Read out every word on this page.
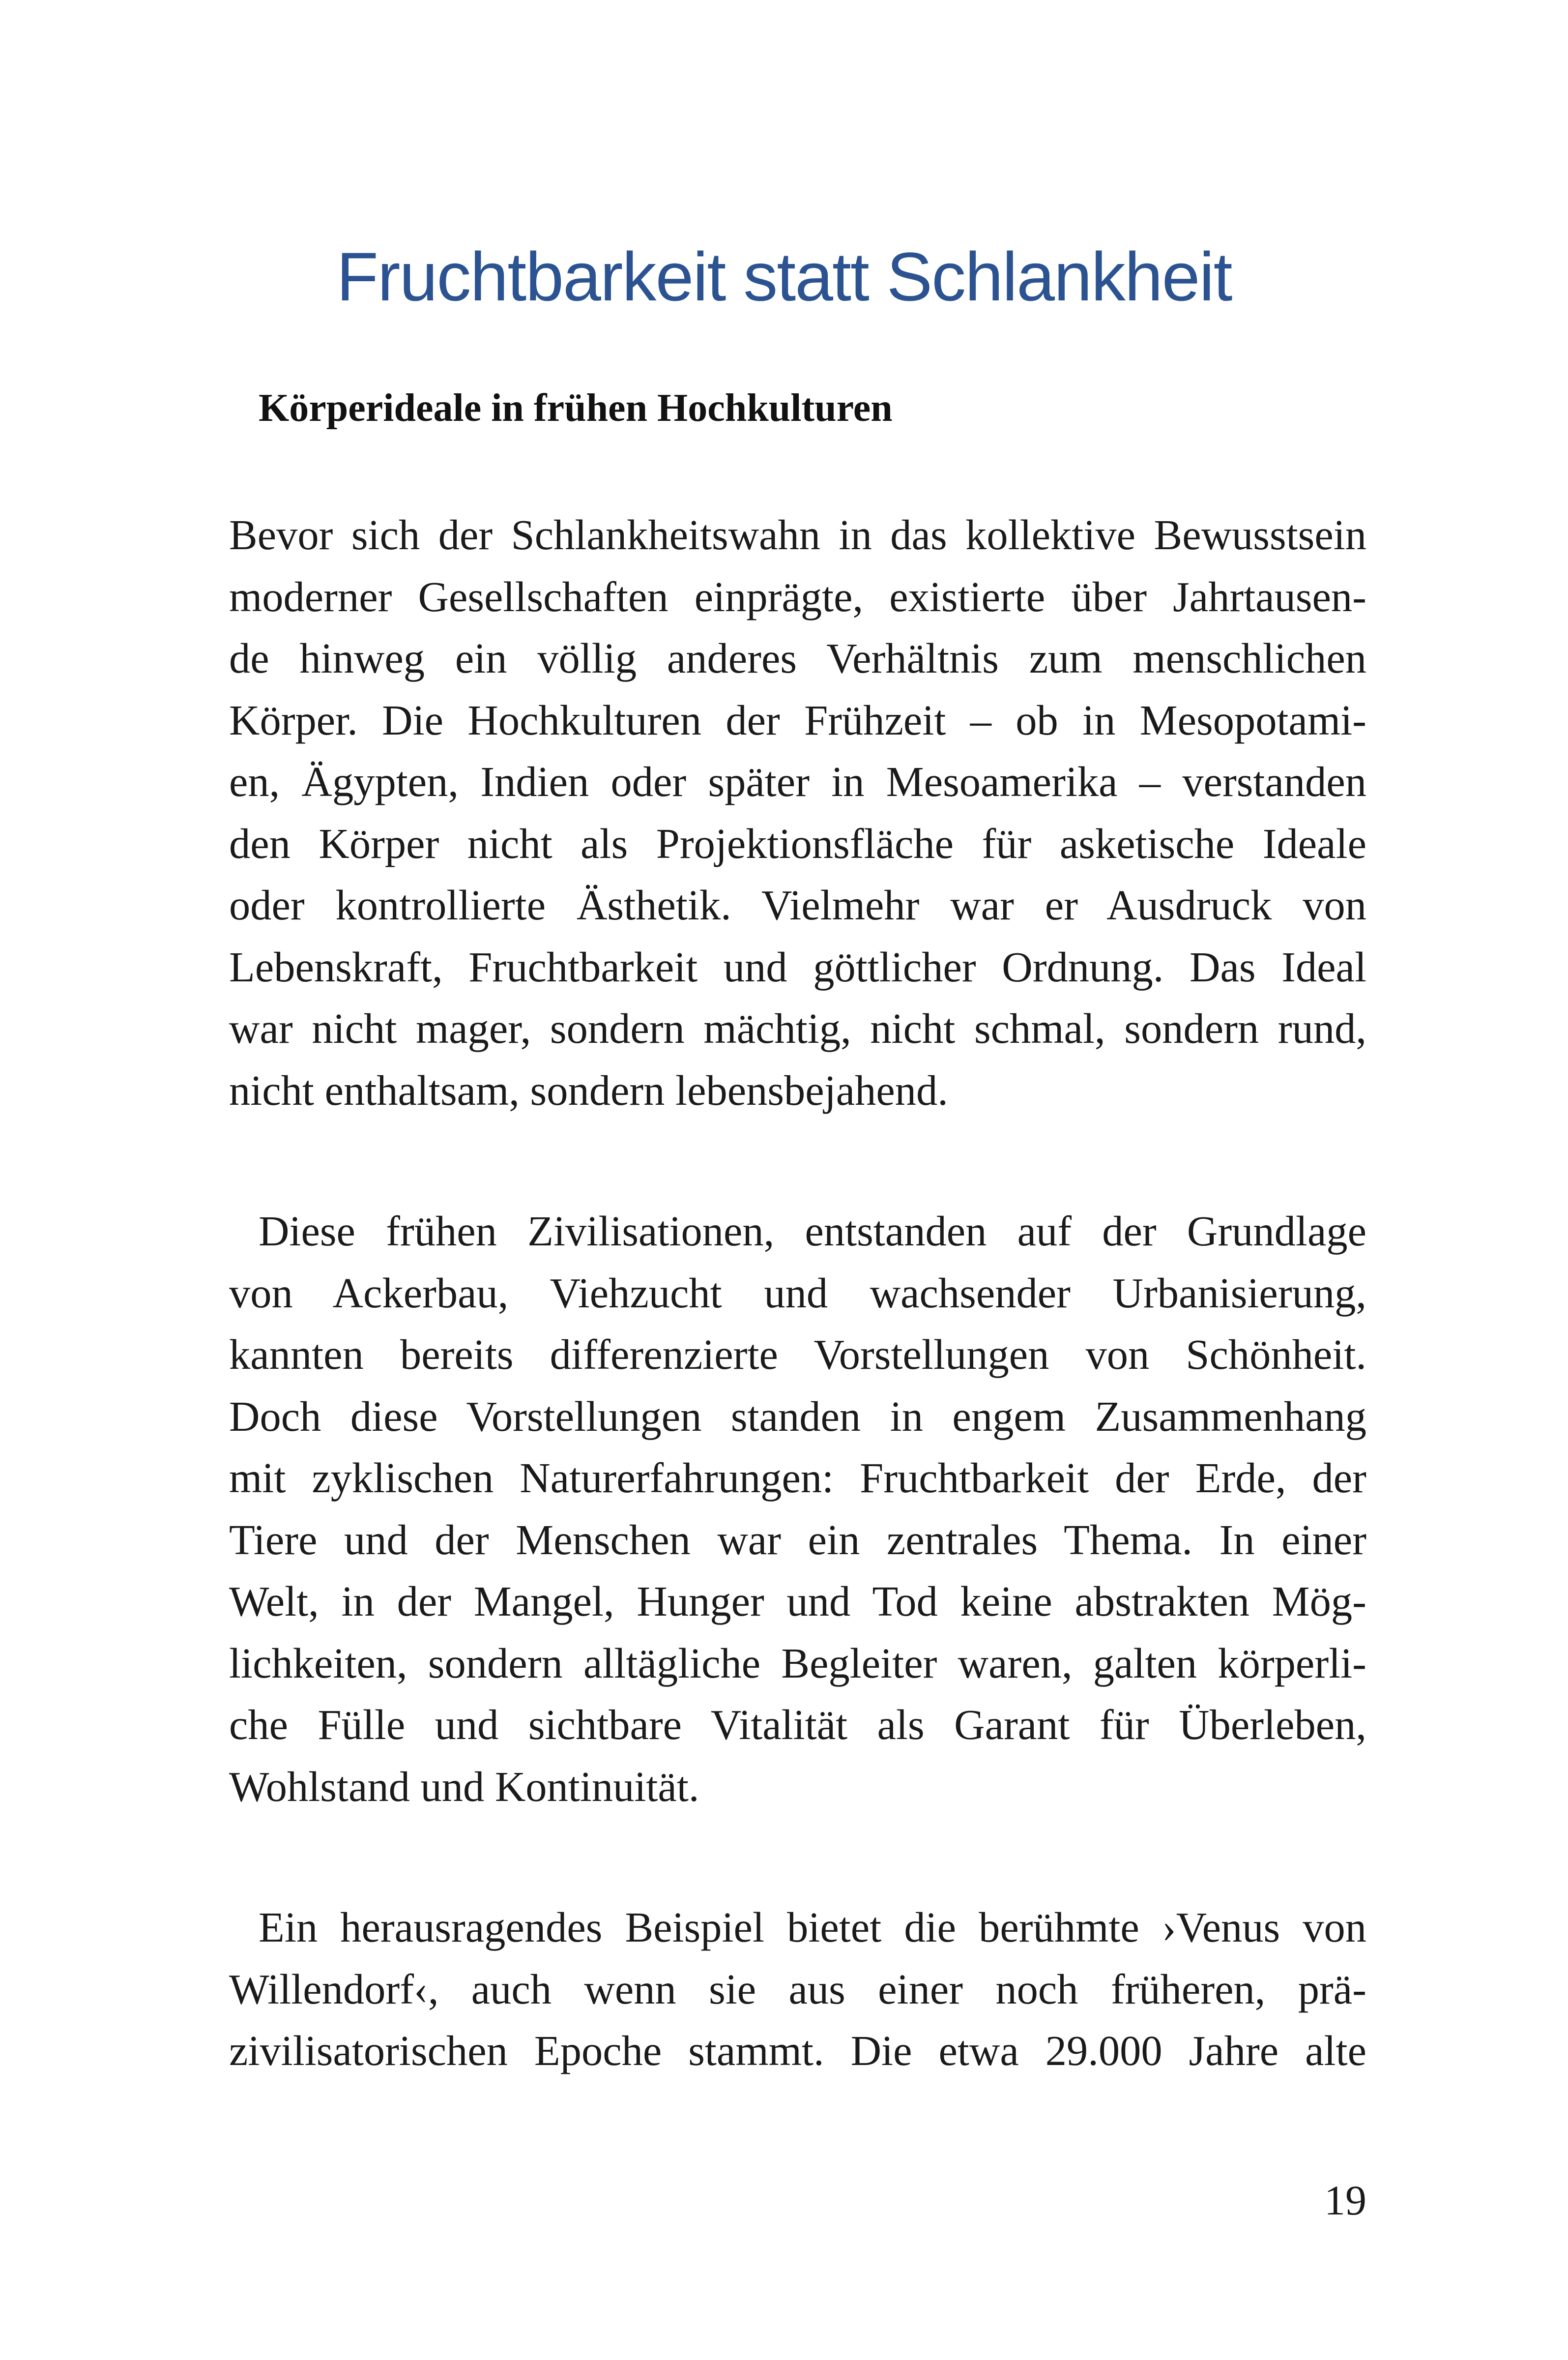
Fruchtbarkeit statt Schlankheit
Körperideale in frühen Hochkulturen

Bevor sich der Schlankheitswahn in das kollektive Bewusstsein
moderner Gesellschaften einprägte, existierte über Jahrtausen-
de hinweg ein völlig anderes Verhältnis zum menschlichen
Körper. Die Hochkulturen der Frühzeit – ob in Mesopotami-
en, Ägypten, Indien oder später in Mesoamerika – verstanden
den Körper nicht als Projektionsfläche für asketische Ideale
oder kontrollierte Ästhetik. Vielmehr war er Ausdruck von
Lebenskraft, Fruchtbarkeit und göttlicher Ordnung. Das Ideal
war nicht mager, sondern mächtig, nicht schmal, sondern rund,
nicht enthaltsam, sondern lebensbejahend.

Diese frühen Zivilisationen, entstanden auf der Grundlage
von Ackerbau, Viehzucht und wachsender Urbanisierung,
kannten bereits differenzierte Vorstellungen von Schönheit.
Doch diese Vorstellungen standen in engem Zusammenhang
mit zyklischen Naturerfahrungen: Fruchtbarkeit der Erde, der
Tiere und der Menschen war ein zentrales Thema. In einer
Welt, in der Mangel, Hunger und Tod keine abstrakten Mög-
lichkeiten, sondern alltägliche Begleiter waren, galten körperli-
che Fülle und sichtbare Vitalität als Garant für Überleben,
Wohlstand und Kontinuität.

Ein herausragendes Beispiel bietet die berühmte ›Venus von
Willendorf‹, auch wenn sie aus einer noch früheren, prä-
zivilisatorischen Epoche stammt. Die etwa 29.000 Jahre alte

19
